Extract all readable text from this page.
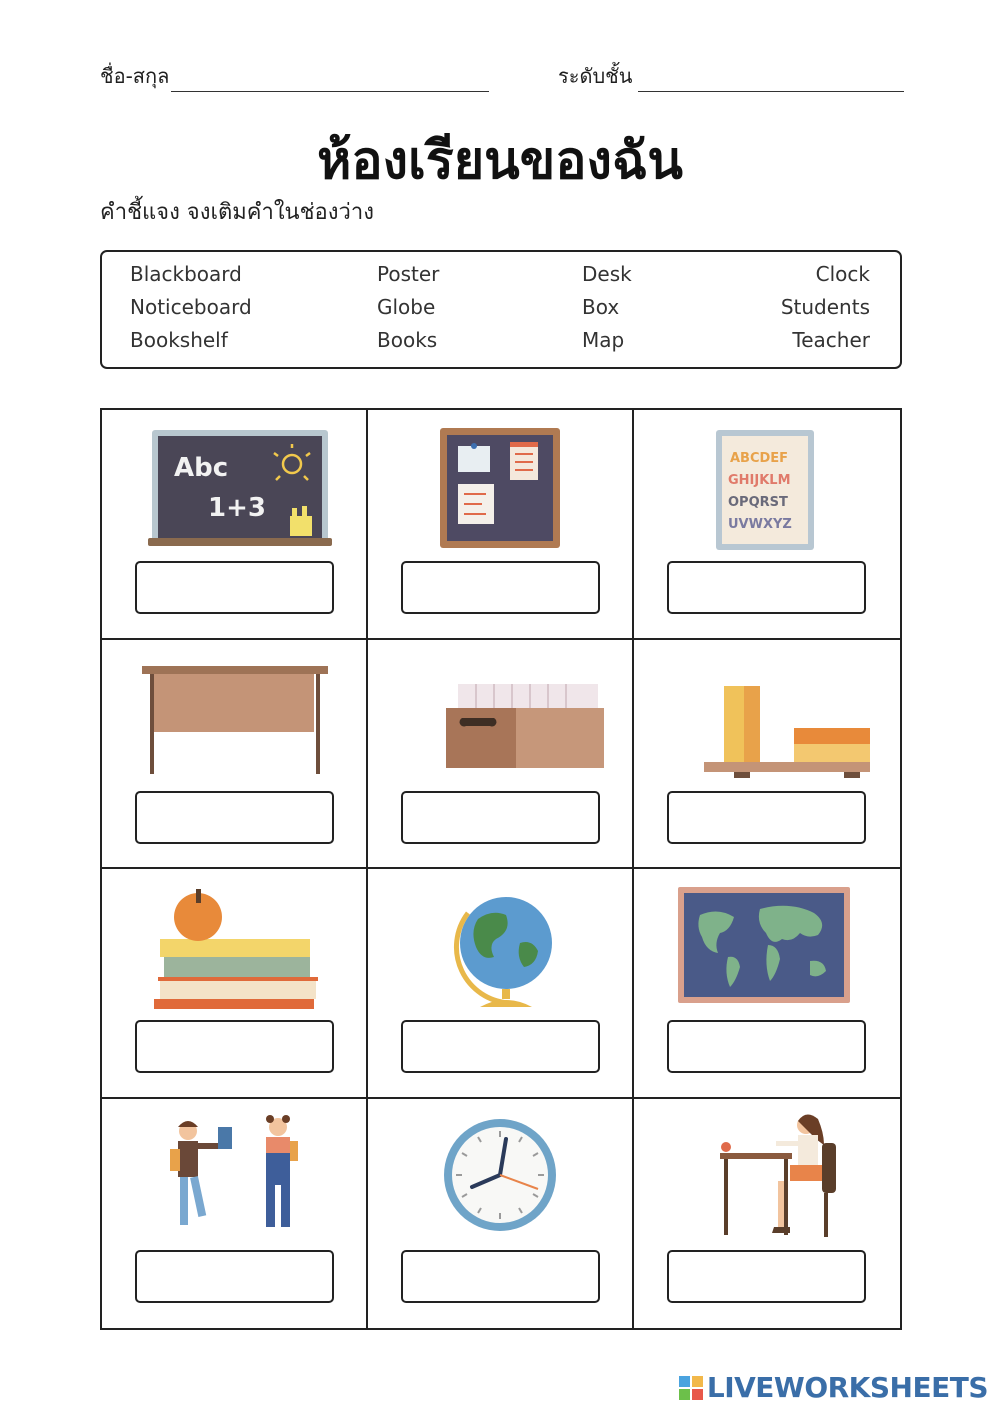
ชื่อ-สกุล	ระดับชั้น
ห้องเรียนของฉัน
คำชี้แจง จงเติมคำในช่องว่าง
Blackboard
Noticeboard
Bookshelf
Poster
Globe
Books
Desk
Box
Map
Clock
Students
Teacher
Abc
1+3
ABCDEF
GHIJKLM
OPQRST
UVWXYZ
LIVEWORKSHEETS
